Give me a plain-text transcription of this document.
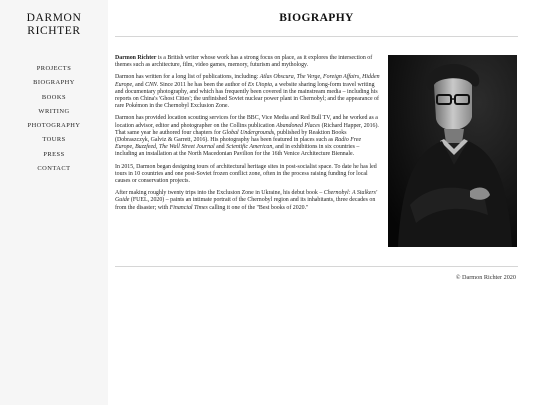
DARMON
RICHTER
PROJECTS
BIOGRAPHY
BOOKS
WRITING
PHOTOGRAPHY
TOURS
PRESS
CONTACT
BIOGRAPHY

Darmon Richter is a British writer whose work has a strong focus on place, as it explores the intersection of themes such as architecture, film, video games, memory, futurism and mythology.

Darmon has written for a long list of publications, including: Atlas Obscura, The Verge, Foreign Affairs, Hidden Europe, and CNN. Since 2011 he has been the author of Ex Utopia, a website sharing long-form travel writing and documentary photography, and which has frequently been covered in the mainstream media – including his reports on China's 'Ghost Cities'; the unfinished Soviet nuclear power plant in Chernobyl; and the appearance of rare Pokémon in the Chernobyl Exclusion Zone.

Darmon has provided location scouting services for the BBC, Vice Media and Red Bull TV, and he worked as a location advisor, editor and photographer on the Collins publication Abandoned Places (Richard Happer, 2016). That same year he authored four chapters for Global Undergrounds, published by Reaktion Books (Dobraszczyk, Galviz & Garrett, 2016). His photography has been featured in places such as Radio Free Europe, Buzzfeed, The Wall Street Journal and Scientific American, and in exhibitions in six countries – including an installation at the North Macedonian Pavilion for the 16th Venice Architecture Biennale.

In 2015, Darmon began designing tours of architectural heritage sites in post-socialist space. To date he has led tours in 10 countries and one post-Soviet frozen conflict zone, often in the process raising funding for local causes or conservation projects.

After making roughly twenty trips into the Exclusion Zone in Ukraine, his debut book – Chernobyl: A Stalkers' Guide (FUEL, 2020) – paints an intimate portrait of the Chernobyl region and its inhabitants, three decades on from the disaster; with Financial Times calling it one of the "Best books of 2020."

© Darmon Richter 2020
